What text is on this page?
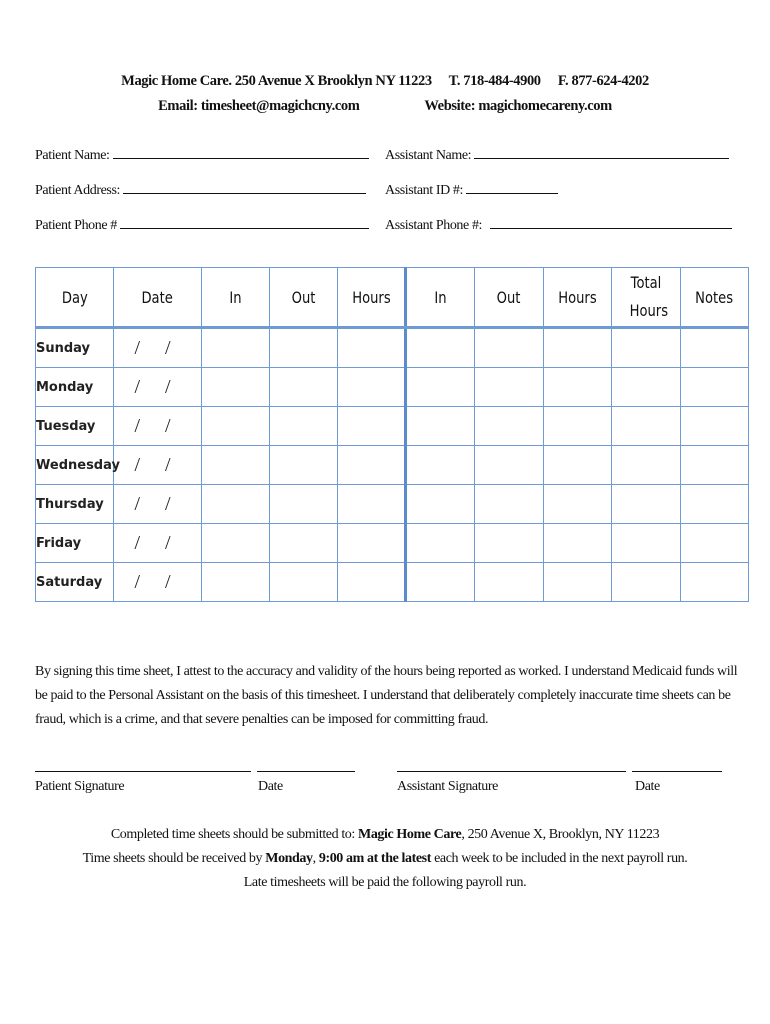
Magic Home Care. 250 Avenue X Brooklyn NY 11223 T. 718-484-4900 F. 877-624-4202
Email: timesheet@magichcny.com	Website: magichomecareny.com
Patient Name:	Assistant Name:
Patient Address:	Assistant ID #:
Patient Phone #	Assistant Phone #:
Day	Date	In	Out	Hours	In	Out	Hours	Total Hours	Notes
Sunday	/ /								
Monday	/ /								
Tuesday	/ /								
Wednesday	/ /								
Thursday	/ /								
Friday	/ /								
Saturday	/ /								
By signing this time sheet, I attest to the accuracy and validity of the hours being reported as worked. I understand Medicaid funds will be paid to the Personal Assistant on the basis of this timesheet. I understand that deliberately completely inaccurate time sheets can be fraud, which is a crime, and that severe penalties can be imposed for committing fraud.
Patient Signature	Date	Assistant Signature	Date
Completed time sheets should be submitted to: Magic Home Care, 250 Avenue X, Brooklyn, NY 11223
Time sheets should be received by Monday, 9:00 am at the latest each week to be included in the next payroll run.
Late timesheets will be paid the following payroll run.
